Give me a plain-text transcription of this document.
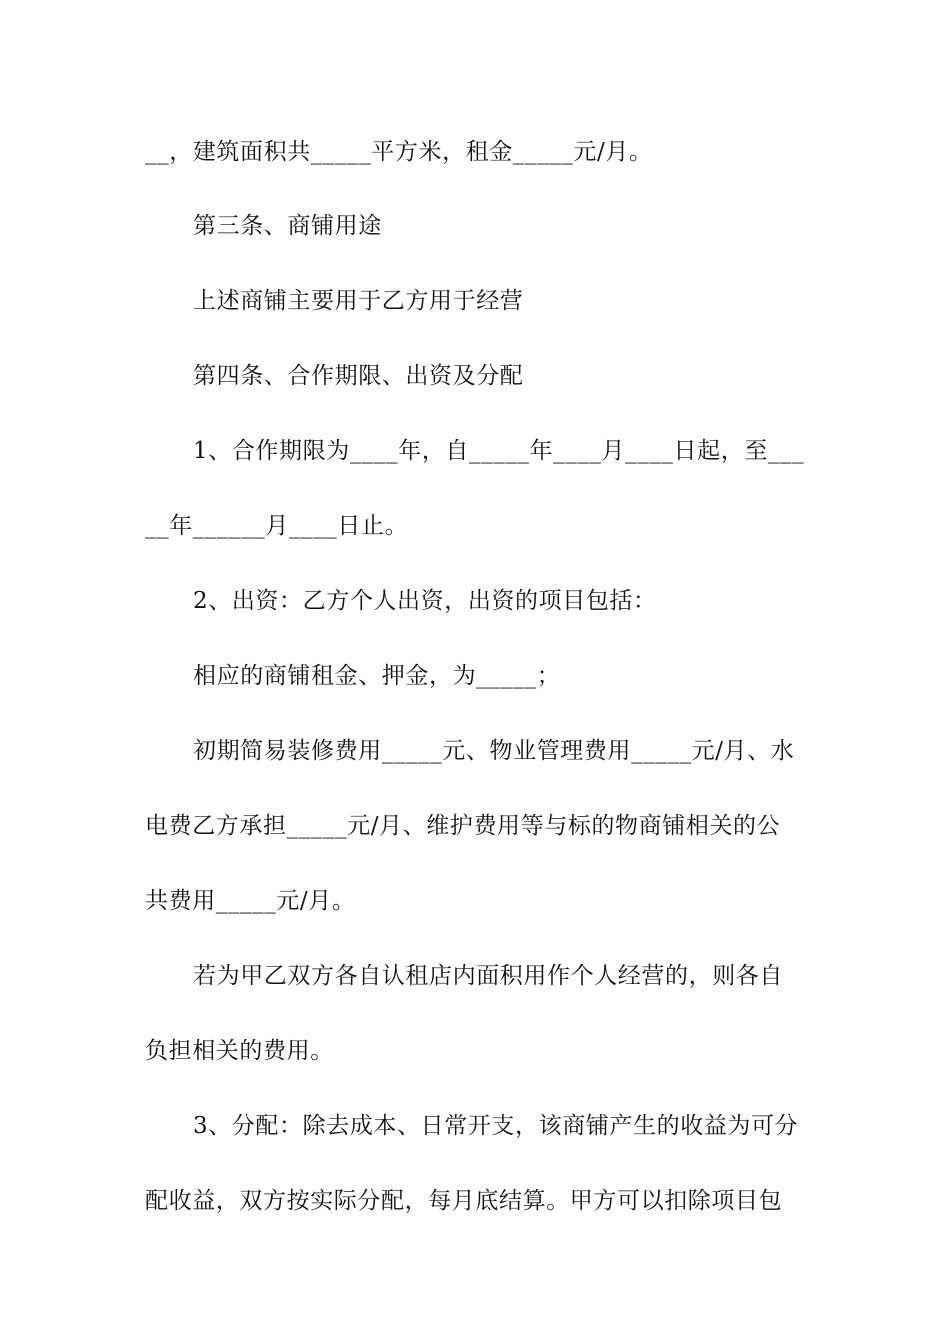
__，建筑面积共_____平方米，租金_____元/月。
第三条、商铺用途
上述商铺主要用于乙方用于经营
第四条、合作期限、出资及分配
1、合作期限为____年，自_____年____月____日起，至___
__年______月____日止。
2、出资：乙方个人出资，出资的项目包括：
相应的商铺租金、押金，为_____；
初期简易装修费用_____元、物业管理费用_____元/月、水
电费乙方承担_____元/月、维护费用等与标的物商铺相关的公
共费用_____元/月。
若为甲乙双方各自认租店内面积用作个人经营的，则各自
负担相关的费用。
3、分配：除去成本、日常开支，该商铺产生的收益为可分
配收益，双方按实际分配，每月底结算。甲方可以扣除项目包
